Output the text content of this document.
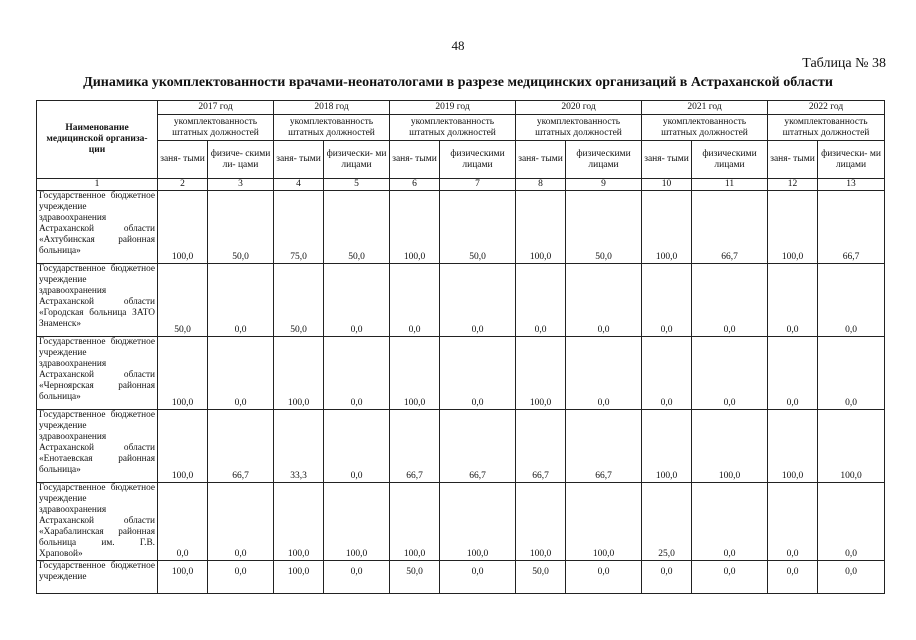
48
Таблица № 38
Динамика укомплектованности врачами-неонатологами в разрезе медицинских организаций в Астраханской области
Наименование медицинской организа- ции	2017 год		2018 год		2019 год		2020 год		2021 год		2022 год	
	укомплектованность штатных должностей		укомплектованность штатных должностей		укомплектованность штатных должностей		укомплектованность штатных должностей		укомплектованность штатных должностей		укомплектованность штатных должностей	
	заня- тыми	физиче- скими ли- цами	заня- тыми	физически- ми лицами	заня- тыми	физическими лицами	заня- тыми	физическими лицами	заня- тыми	физическими лицами	заня- тыми	физически- ми лицами
1	2	3	4	5	6	7	8	9	10	11	12	13
Государственное бюджетное учреждение здравоохранения Астраханской области «Ахтубинская районная больница»	100,0	50,0	75,0	50,0	100,0	50,0	100,0	50,0	100,0	66,7	100,0	66,7
Государственное бюджетное учреждение здравоохранения Астраханской области «Городская больница ЗАТО Знаменск»	50,0	0,0	50,0	0,0	0,0	0,0	0,0	0,0	0,0	0,0	0,0	0,0
Государственное бюджетное учреждение здравоохранения Астраханской области «Черноярская районная больница»	100,0	0,0	100,0	0,0	100,0	0,0	100,0	0,0	0,0	0,0	0,0	0,0
Государственное бюджетное учреждение здравоохранения Астраханской области «Енотаевская районная больница»	100,0	66,7	33,3	0,0	66,7	66,7	66,7	66,7	100,0	100,0	100,0	100,0
Государственное бюджетное учреждение здравоохранения Астраханской области «Харабалинская районная больница им. Г.В. Храповой»	0,0	0,0	100,0	100,0	100,0	100,0	100,0	100,0	25,0	0,0	0,0	0,0
Государственное бюджетное учреждение	100,0	0,0	100,0	0,0	50,0	0,0	50,0	0,0	0,0	0,0	0,0	0,0
